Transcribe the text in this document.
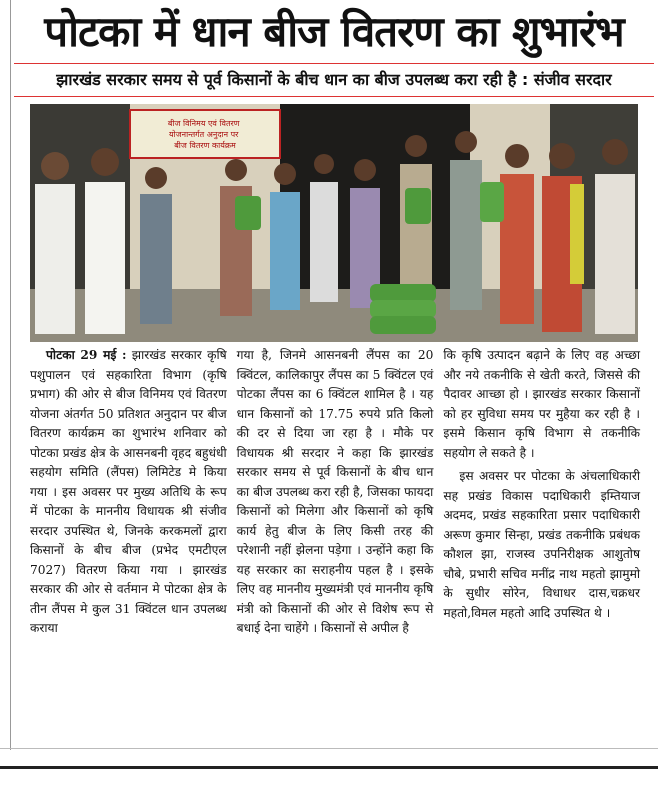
पोटका में धान बीज वितरण का शुभारंभ
झारखंड सरकार समय से पूर्व किसानों के बीच धान का बीज उपलब्ध करा रही है : संजीव सरदार
बीज विनिमय एवं वितरण योजनान्तर्गत अनुदान पर बीज वितरण कार्यक्रम

पोटका 29 मई : झारखंड सरकार कृषि पशुपालन एवं सहकारिता विभाग (कृषि प्रभाग) की ओर से बीज विनिमय एवं वितरण योजना अंतर्गत 50 प्रतिशत अनुदान पर बीज वितरण कार्यक्रम का शुभारंभ शनिवार को पोटका प्रखंड क्षेत्र के आसनबनी वृहद बहुधंधी सहयोग समिति (लैंपस) लिमिटेड मे किया गया । इस अवसर पर मुख्य अतिथि के रूप में पोटका के माननीय विधायक श्री संजीव सरदार उपस्थित थे, जिनके करकमलों द्वारा किसानों के बीच बीज (प्रभेद एमटीएल 7027) वितरण किया गया । झारखंड सरकार की ओर से वर्तमान मे पोटका क्षेत्र के तीन लैंपस मे कुल 31 क्विंटल धान उपलब्ध कराया

गया है, जिनमे आसनबनी लैंपस का 20 क्विंटल, कालिकापुर लैंपस का 5 क्विंटल एवं पोटका लैंपस का 6 क्विंटल शामिल है । यह धान किसानों को 17.75 रुपये प्रति किलो की दर से दिया जा रहा है । मौके पर विधायक श्री सरदार ने कहा कि झारखंड सरकार समय से पूर्व किसानों के बीच धान का बीज उपलब्ध करा रही है, जिसका फायदा किसानों को मिलेगा और किसानों को कृषि कार्य हेतु बीज के लिए किसी तरह की परेशानी नहीं झेलना पड़ेगा । उन्होंने कहा कि यह सरकार का सराहनीय पहल है । इसके लिए वह माननीय मुख्यमंत्री एवं माननीय कृषि मंत्री को किसानों की ओर से विशेष रूप से बधाई देना चाहेंगे । किसानों से अपील है

कि कृषि उत्पादन बढ़ाने के लिए वह अच्छा और नये तकनीकि से खेती करते, जिससे की पैदावर आच्छा हो । झारखंड सरकार किसानों को हर सुविधा समय पर मुहैया कर रही है । इसमे किसान कृषि विभाग से तकनीकि सहयोग ले सकते है ।

इस अवसर पर पोटका के अंचलाधिकारी सह प्रखंड विकास पदाधिकारी इम्तियाज अदमद, प्रखंड सहकारिता प्रसार पदाधिकारी अरूण कुमार सिन्हा, प्रखंड तकनीकि प्रबंधक कौशल झा, राजस्व उपनिरीक्षक आशुतोष चौबे, प्रभारी सचिव मनींद्र नाथ महतो झामुमो के सुधीर सोरेन, विधाधर दास,चक्रधर महतो,विमल महतो आदि उपस्थित थे ।
